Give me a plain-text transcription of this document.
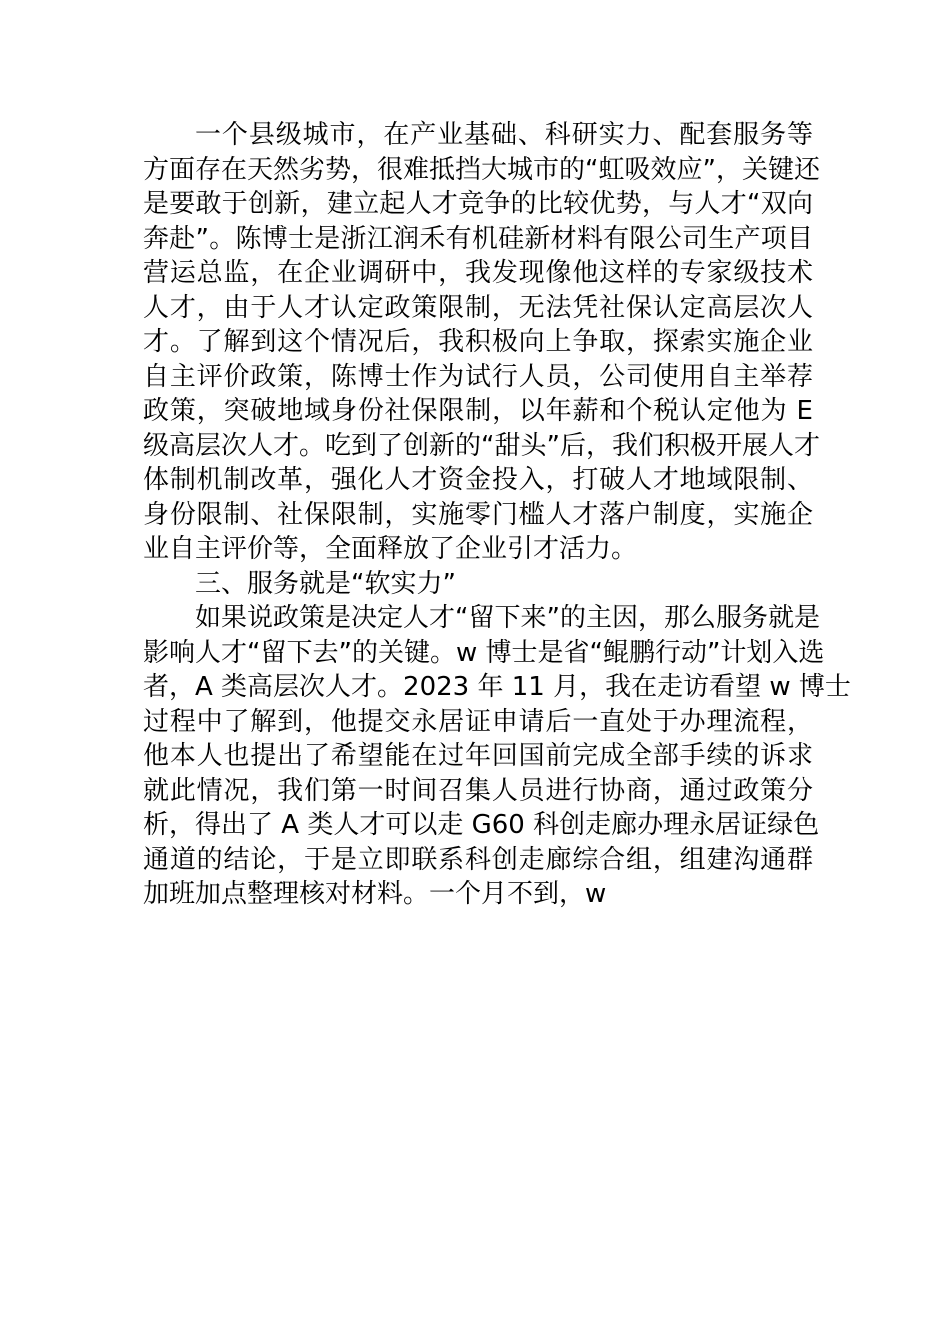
一个县级城市，在产业基础、科研实力、配套服务等
方面存在天然劣势，很难抵挡大城市的“虹吸效应”，关键还
是要敢于创新，建立起人才竞争的比较优势，与人才“双向
奔赴”。陈博士是浙江润禾有机硅新材料有限公司生产项目
营运总监，在企业调研中，我发现像他这样的专家级技术
人才，由于人才认定政策限制，无法凭社保认定高层次人
才。了解到这个情况后，我积极向上争取，探索实施企业
自主评价政策，陈博士作为试行人员，公司使用自主举荐
政策，突破地域身份社保限制，以年薪和个税认定他为 E
级高层次人才。吃到了创新的“甜头”后，我们积极开展人才
体制机制改革，强化人才资金投入，打破人才地域限制、
身份限制、社保限制，实施零门槛人才落户制度，实施企
业自主评价等，全面释放了企业引才活力。
三、服务就是“软实力”
如果说政策是决定人才“留下来”的主因，那么服务就是
影响人才“留下去”的关键。w 博士是省“鲲鹏行动”计划入选
者，A 类高层次人才。2023 年 11 月，我在走访看望 w 博士
过程中了解到，他提交永居证申请后一直处于办理流程，
他本人也提出了希望能在过年回国前完成全部手续的诉求
就此情况，我们第一时间召集人员进行协商，通过政策分
析，得出了 A 类人才可以走 G60 科创走廊办理永居证绿色
通道的结论，于是立即联系科创走廊综合组，组建沟通群
加班加点整理核对材料。一个月不到，w
